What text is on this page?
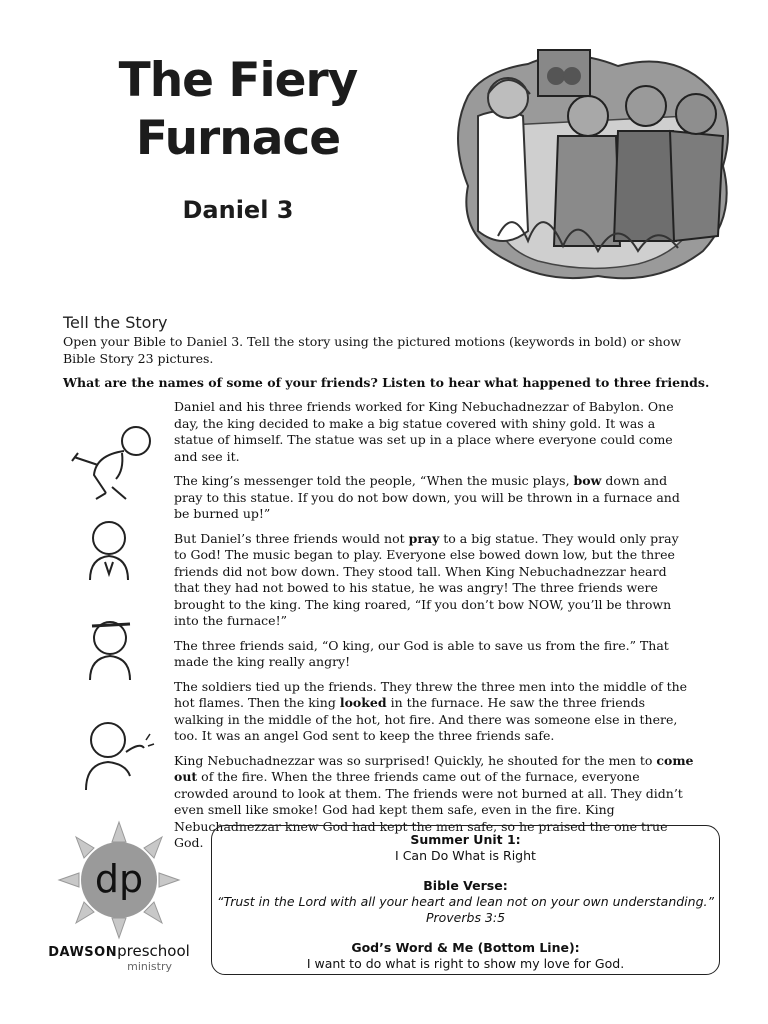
The Fiery
Furnace
Daniel 3
Tell the Story
Open your Bible to Daniel 3. Tell the story using the pictured motions (keywords in bold) or show Bible Story 23 pictures.
What are the names of some of your friends? Listen to hear what happened to three friends.

Daniel and his three friends worked for King Nebuchadnezzar of Babylon. One day, the king decided to make a big statue covered with shiny gold. It was a statue of himself. The statue was set up in a place where everyone could come and see it.

The king’s messenger told the people, “When the music plays, bow down and pray to this statue. If you do not bow down, you will be thrown in a furnace and be burned up!”

But Daniel’s three friends would not pray to a big statue. They would only pray to God! The music began to play. Everyone else bowed down low, but the three friends did not bow down. They stood tall. When King Nebuchadnezzar heard that they had not bowed to his statue, he was angry! The three friends were brought to the king. The king roared, “If you don’t bow NOW, you’ll be thrown into the furnace!”

The three friends said, “O king, our God is able to save us from the fire.” That made the king really angry!

The soldiers tied up the friends. They threw the three men into the middle of the hot flames. Then the king looked in the furnace. He saw the three friends walking in the middle of the hot, hot fire. And there was someone else in there, too. It was an angel God sent to keep the three friends safe.

King Nebuchadnezzar was so surprised! Quickly, he shouted for the men to come out of the fire. When the three friends came out of the furnace, everyone crowded around to look at them. The friends were not burned at all. They didn’t even smell like smoke! God had kept them safe, even in the fire. King Nebuchadnezzar knew God had kept the men safe, so he praised the one true God.

dp
DAWSONpreschool
ministry
Summer Unit 1:
I Can Do What is Right
Bible Verse:
“Trust in the Lord with all your heart and lean not on your own understanding.”
Proverbs 3:5
God’s Word & Me (Bottom Line):
I want to do what is right to show my love for God.
